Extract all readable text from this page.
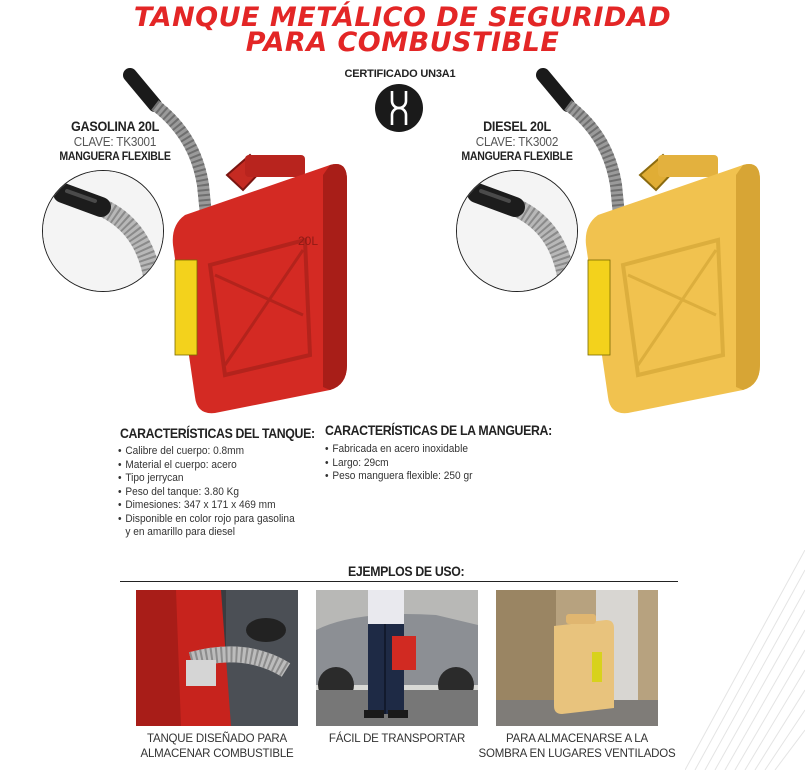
TANQUE METÁLICO DE SEGURIDAD
PARA COMBUSTIBLE
CERTIFICADO UN3A1
GASOLINA 20L
CLAVE: TK3001
MANGUERA FLEXIBLE
20L
DIESEL 20L
CLAVE: TK3002
MANGUERA FLEXIBLE
CARACTERÍSTICAS DEL TANQUE:
• Calibre del cuerpo: 0.8mm
• Material el cuerpo: acero
• Tipo jerrycan
• Peso del tanque: 3.80 Kg
• Dimesiones: 347 x 171 x 469 mm
• Disponible en color rojo para gasolina
y en amarillo para diesel
CARACTERÍSTICAS DE LA MANGUERA:
• Fabricada en acero inoxidable
• Largo: 29cm
• Peso manguera flexible: 250 gr
EJEMPLOS DE USO:
TANQUE DISEÑADO PARA
ALMACENAR COMBUSTIBLE
FÁCIL DE TRANSPORTAR	PARA ALMACENARSE A LA
SOMBRA EN LUGARES VENTILADOS
